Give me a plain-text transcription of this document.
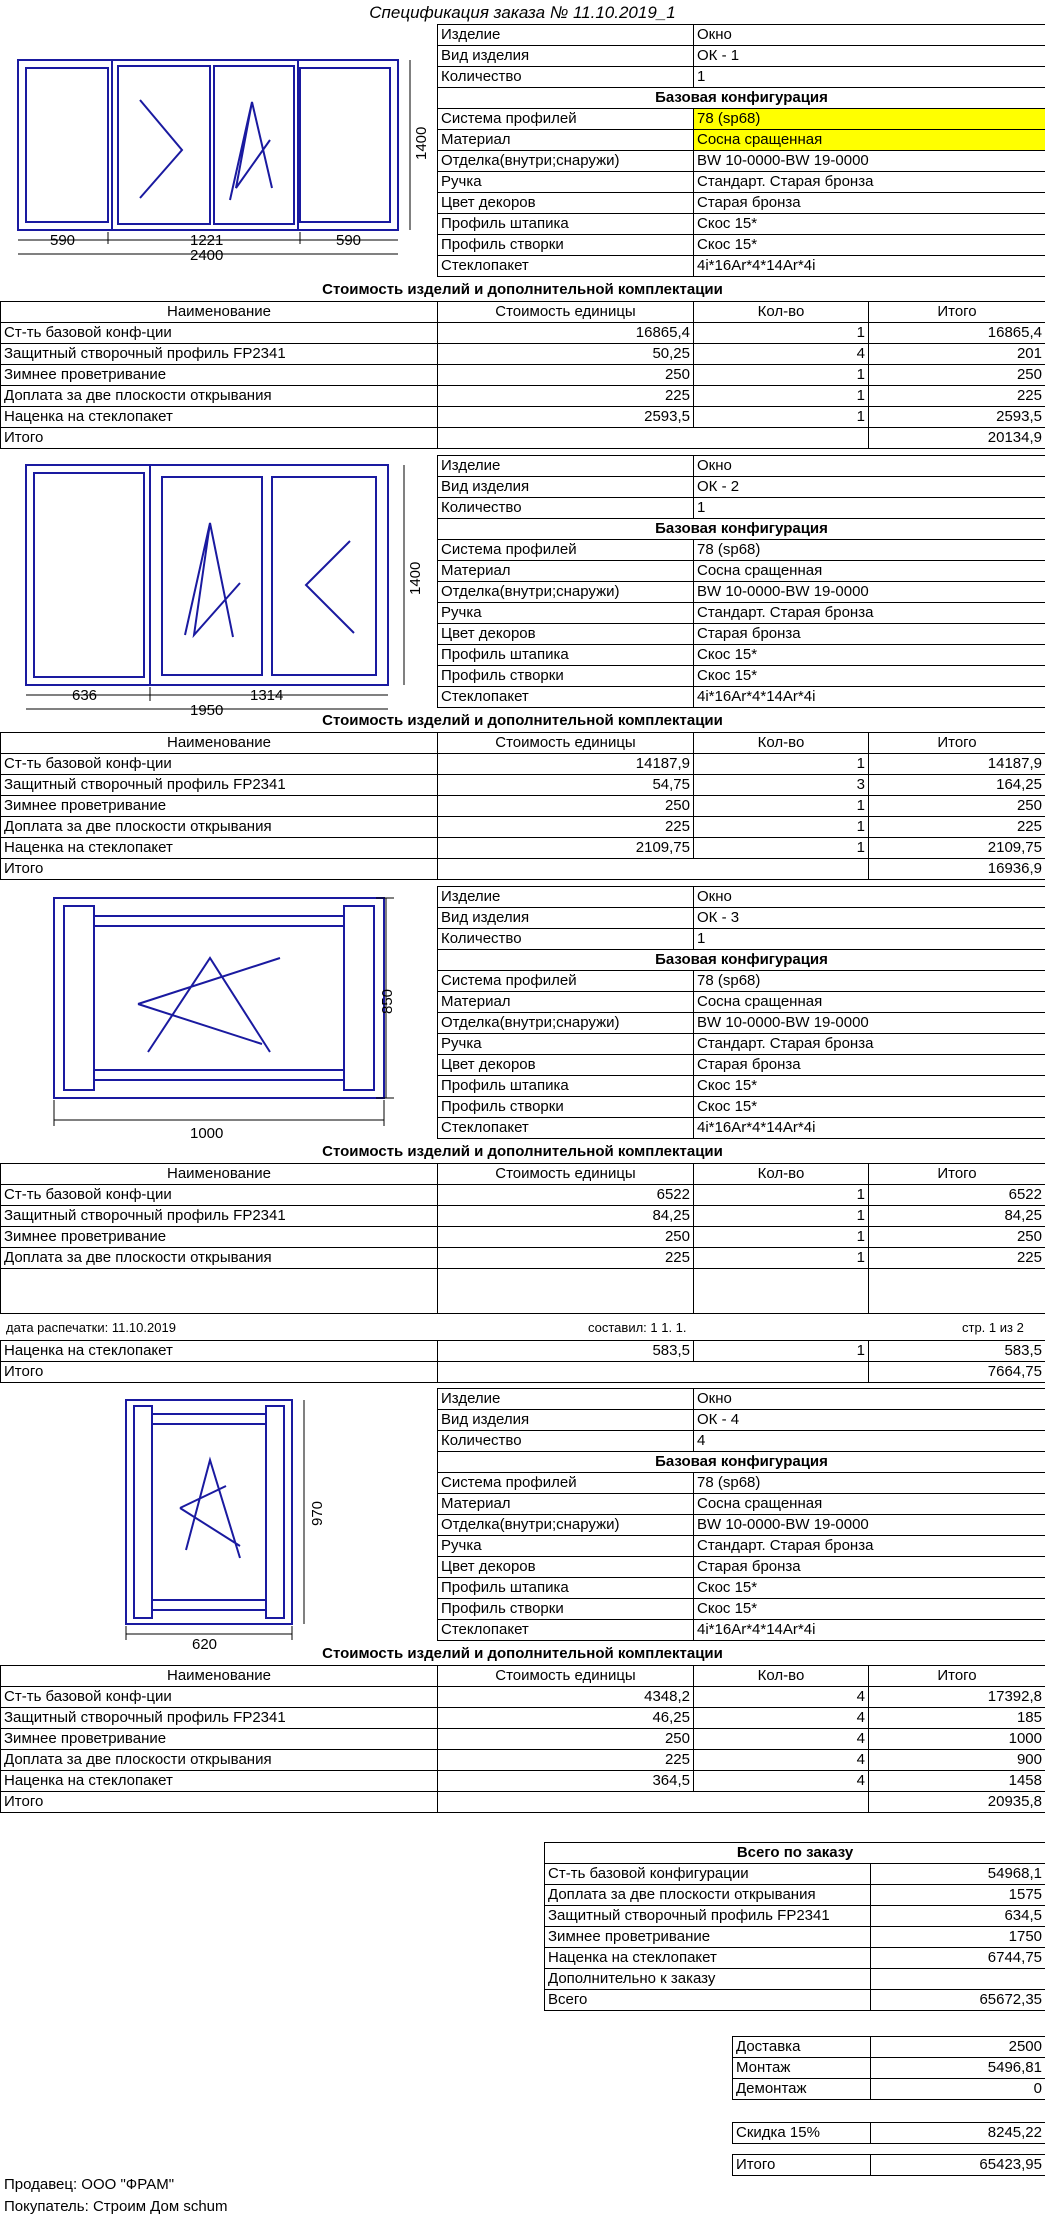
Спецификация заказа № 11.10.2019_1
590	1221	590
2400
1400
Изделие	Окно
Вид изделия	ОК - 1
Количество	1
Базовая конфигурация	
Система профилей	78 (sp68)
Материал	Сосна сращенная
Отделка(внутри;снаружи)	BW 10-0000-BW 19-0000
Ручка	Стандарт. Старая бронза
Цвет декоров	Старая бронза
Профиль штапика	Скос 15*
Профиль створки	Скос 15*
Стеклопакет	4i*16Ar*4*14Ar*4i
Стоимость изделий и дополнительной комплектации
Наименование	Стоимость единицы	Кол-во	Итого
Ст-ть базовой конф-ции	16865,4	1	16865,4
Защитный створочный профиль FP2341	50,25	4	201
Зимнее проветривание	250	1	250
Доплата за две плоскости открывания	225	1	225
Наценка на стеклопакет	2593,5	1	2593,5
Итого			20134,9
636	1314
1950
1400
Изделие	Окно
Вид изделия	ОК - 2
Количество	1
Базовая конфигурация	
Система профилей	78 (sp68)
Материал	Сосна сращенная
Отделка(внутри;снаружи)	BW 10-0000-BW 19-0000
Ручка	Стандарт. Старая бронза
Цвет декоров	Старая бронза
Профиль штапика	Скос 15*
Профиль створки	Скос 15*
Стеклопакет	4i*16Ar*4*14Ar*4i
Стоимость изделий и дополнительной комплектации
Наименование	Стоимость единицы	Кол-во	Итого
Ст-ть базовой конф-ции	14187,9	1	14187,9
Защитный створочный профиль FP2341	54,75	3	164,25
Зимнее проветривание	250	1	250
Доплата за две плоскости открывания	225	1	225
Наценка на стеклопакет	2109,75	1	2109,75
Итого			16936,9
1000
850
Изделие	Окно
Вид изделия	ОК - 3
Количество	1
Базовая конфигурация	
Система профилей	78 (sp68)
Материал	Сосна сращенная
Отделка(внутри;снаружи)	BW 10-0000-BW 19-0000
Ручка	Стандарт. Старая бронза
Цвет декоров	Старая бронза
Профиль штапика	Скос 15*
Профиль створки	Скос 15*
Стеклопакет	4i*16Ar*4*14Ar*4i
Стоимость изделий и дополнительной комплектации
Наименование	Стоимость единицы	Кол-во	Итого
Ст-ть базовой конф-ции	6522	1	6522
Защитный створочный профиль FP2341	84,25	1	84,25
Зимнее проветривание	250	1	250
Доплата за две плоскости открывания	225	1	225

дата распечатки: 11.10.2019	составил: 1 1. 1.	стр. 1 из 2
Наценка на стеклопакет	583,5	1	583,5
Итого			7664,75
620
970
Изделие	Окно
Вид изделия	ОК - 4
Количество	4
Базовая конфигурация	
Система профилей	78 (sp68)
Материал	Сосна сращенная
Отделка(внутри;снаружи)	BW 10-0000-BW 19-0000
Ручка	Стандарт. Старая бронза
Цвет декоров	Старая бронза
Профиль штапика	Скос 15*
Профиль створки	Скос 15*
Стеклопакет	4i*16Ar*4*14Ar*4i
Стоимость изделий и дополнительной комплектации
Наименование	Стоимость единицы	Кол-во	Итого
Ст-ть базовой конф-ции	4348,2	4	17392,8
Защитный створочный профиль FP2341	46,25	4	185
Зимнее проветривание	250	4	1000
Доплата за две плоскости открывания	225	4	900
Наценка на стеклопакет	364,5	4	1458
Итого			20935,8
Всего по заказу	
Ст-ть базовой конфигурации	54968,1
Доплата за две плоскости открывания	1575
Защитный створочный профиль FP2341	634,5
Зимнее проветривание	1750
Наценка на стеклопакет	6744,75
Дополнительно к заказу	
Всего	65672,35
Доставка	2500
Монтаж	5496,81
Демонтаж	0
Скидка 15%	8245,22
Итого	65423,95
Продавец: ООО "ФРАМ"
Покупатель: Строим Дом schum
